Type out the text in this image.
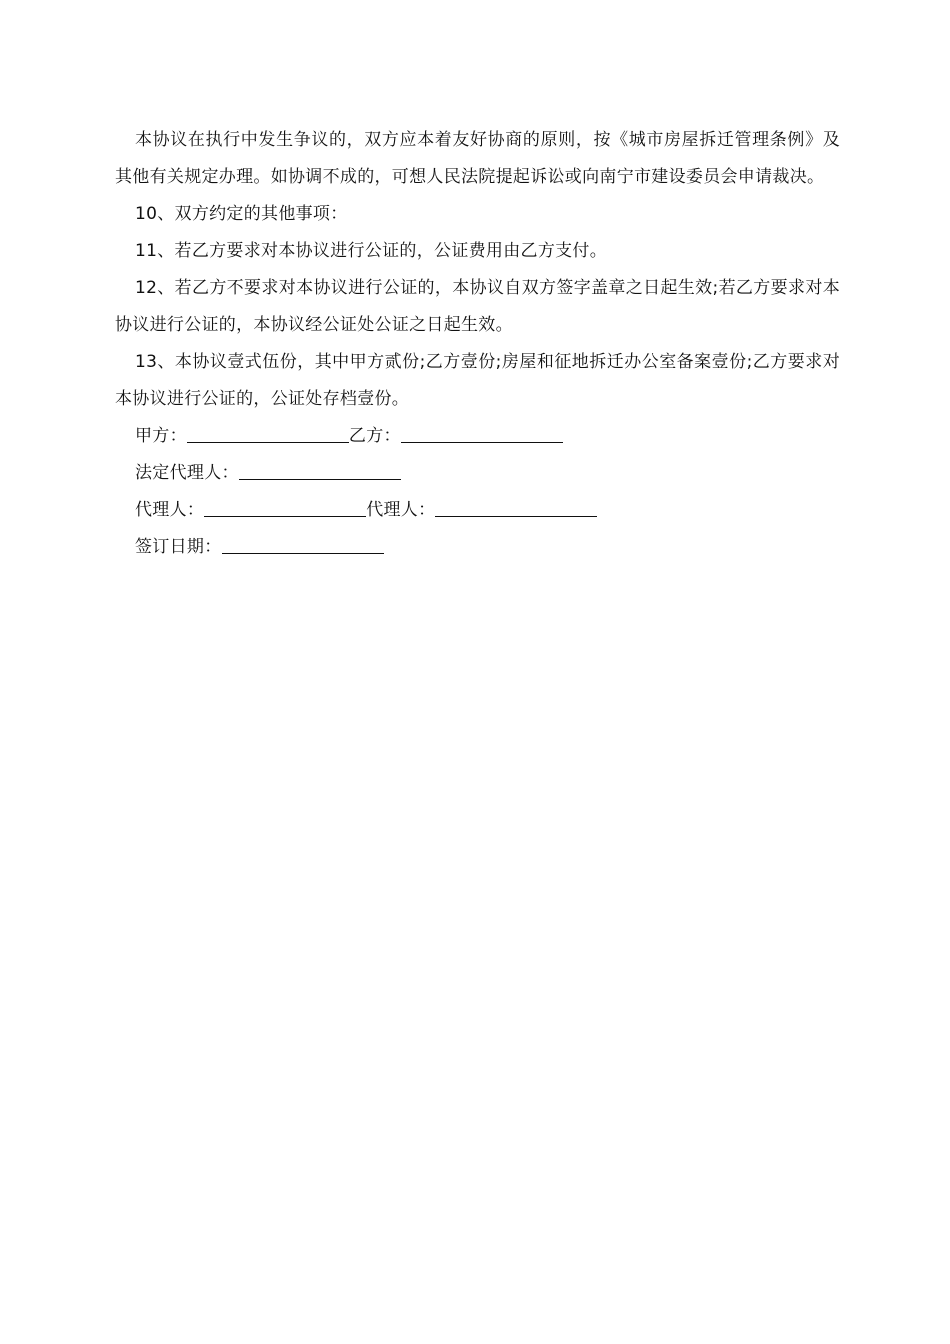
本协议在执行中发生争议的，双方应本着友好协商的原则，按《城市房屋拆迁管理条例》及其他有关规定办理。如协调不成的，可想人民法院提起诉讼或向南宁市建设委员会申请裁决。

10、双方约定的其他事项：

11、若乙方要求对本协议进行公证的，公证费用由乙方支付。

12、若乙方不要求对本协议进行公证的，本协议自双方签字盖章之日起生效;若乙方要求对本协议进行公证的，本协议经公证处公证之日起生效。

13、本协议壹式伍份，其中甲方贰份;乙方壹份;房屋和征地拆迁办公室备案壹份;乙方要求对本协议进行公证的，公证处存档壹份。

甲方：	乙方：
法定代理人：
代理人：	代理人：
签订日期：
